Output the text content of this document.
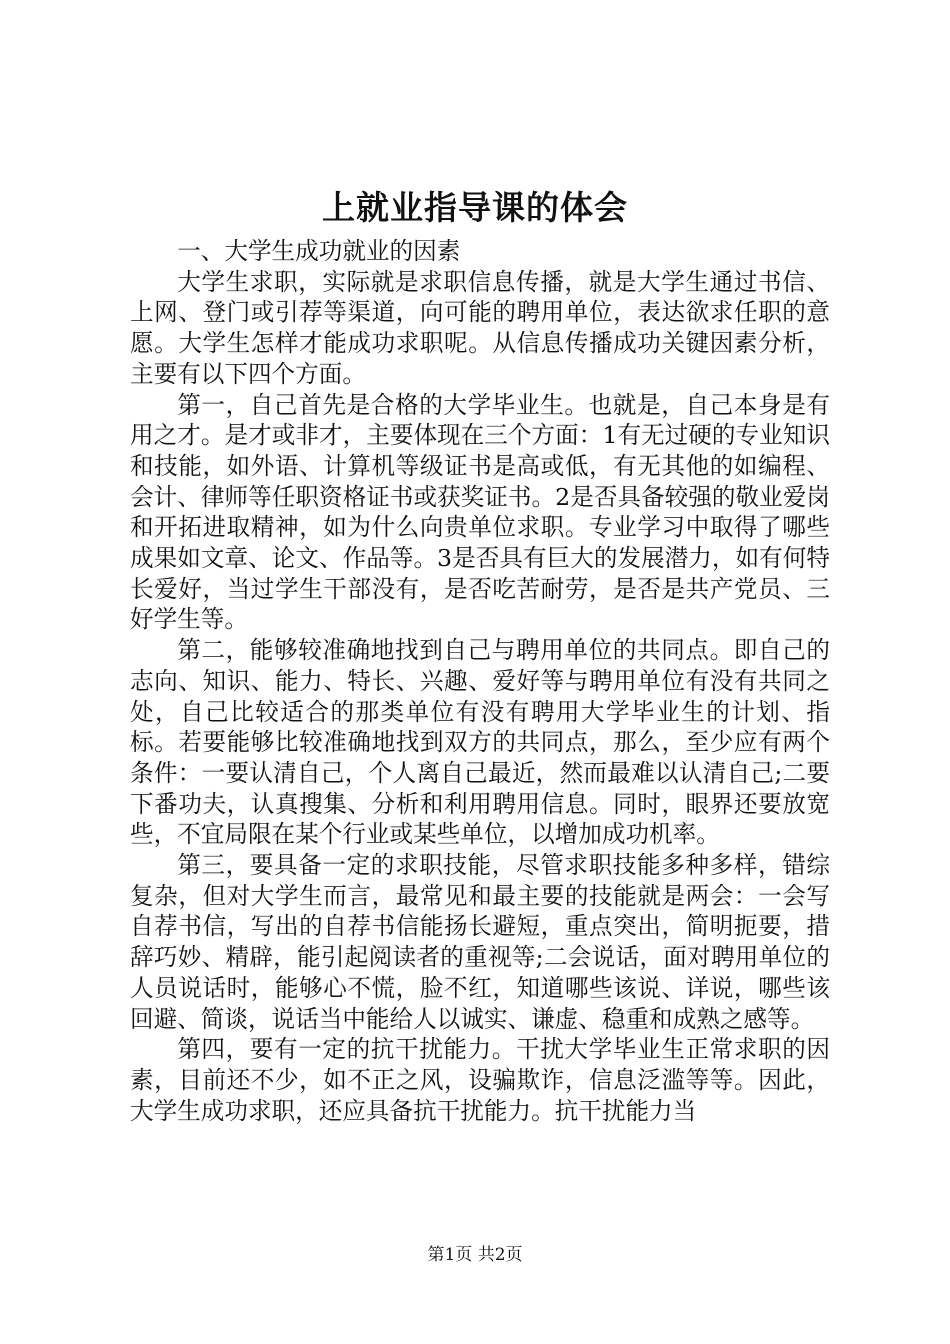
上就业指导课的体会

一、大学生成功就业的因素

大学生求职，实际就是求职信息传播，就是大学生通过书信、上网、登门或引荐等渠道，向可能的聘用单位，表达欲求任职的意愿。大学生怎样才能成功求职呢。从信息传播成功关键因素分析，主要有以下四个方面。

第一，自己首先是合格的大学毕业生。也就是，自己本身是有用之才。是才或非才，主要体现在三个方面：1有无过硬的专业知识和技能，如外语、计算机等级证书是高或低，有无其他的如编程、会计、律师等任职资格证书或获奖证书。2是否具备较强的敬业爱岗和开拓进取精神，如为什么向贵单位求职。专业学习中取得了哪些成果如文章、论文、作品等。3是否具有巨大的发展潜力，如有何特长爱好，当过学生干部没有，是否吃苦耐劳，是否是共产党员、三好学生等。

第二，能够较准确地找到自己与聘用单位的共同点。即自己的志向、知识、能力、特长、兴趣、爱好等与聘用单位有没有共同之处，自己比较适合的那类单位有没有聘用大学毕业生的计划、指标。若要能够比较准确地找到双方的共同点，那么，至少应有两个条件：一要认清自己，个人离自己最近，然而最难以认清自己;二要下番功夫，认真搜集、分析和利用聘用信息。同时，眼界还要放宽些，不宜局限在某个行业或某些单位，以增加成功机率。

第三，要具备一定的求职技能，尽管求职技能多种多样，错综复杂，但对大学生而言，最常见和最主要的技能就是两会：一会写自荐书信，写出的自荐书信能扬长避短，重点突出，简明扼要，措辞巧妙、精辟，能引起阅读者的重视等;二会说话，面对聘用单位的人员说话时，能够心不慌，脸不红，知道哪些该说、详说，哪些该回避、简谈，说话当中能给人以诚实、谦虚、稳重和成熟之感等。

第四，要有一定的抗干扰能力。干扰大学毕业生正常求职的因素，目前还不少，如不正之风，设骗欺诈，信息泛滥等等。因此，大学生成功求职，还应具备抗干扰能力。抗干扰能力当

第1页 共2页
